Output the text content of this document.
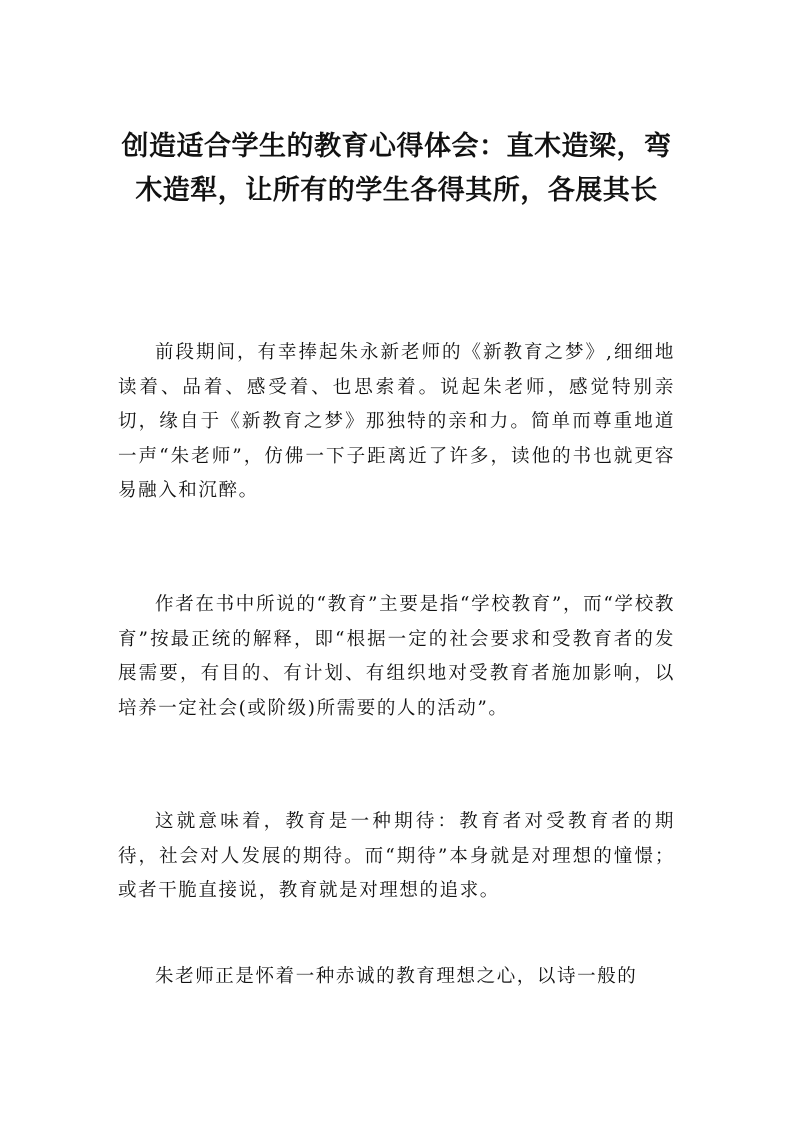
创造适合学生的教育心得体会：直木造梁，弯木造犁，让所有的学生各得其所，各展其长

前段期间，有幸捧起朱永新老师的《新教育之梦》,细细地读着、品着、感受着、也思索着。说起朱老师，感觉特别亲切，缘自于《新教育之梦》那独特的亲和力。简单而尊重地道一声“朱老师”，仿佛一下子距离近了许多，读他的书也就更容易融入和沉醉。

作者在书中所说的“教育”主要是指“学校教育”，而“学校教育”按最正统的解释，即“根据一定的社会要求和受教育者的发展需要，有目的、有计划、有组织地对受教育者施加影响，以培养一定社会(或阶级)所需要的人的活动”。

这就意味着，教育是一种期待：教育者对受教育者的期待，社会对人发展的期待。而“期待”本身就是对理想的憧憬；或者干脆直接说，教育就是对理想的追求。

朱老师正是怀着一种赤诚的教育理想之心，以诗一般的
